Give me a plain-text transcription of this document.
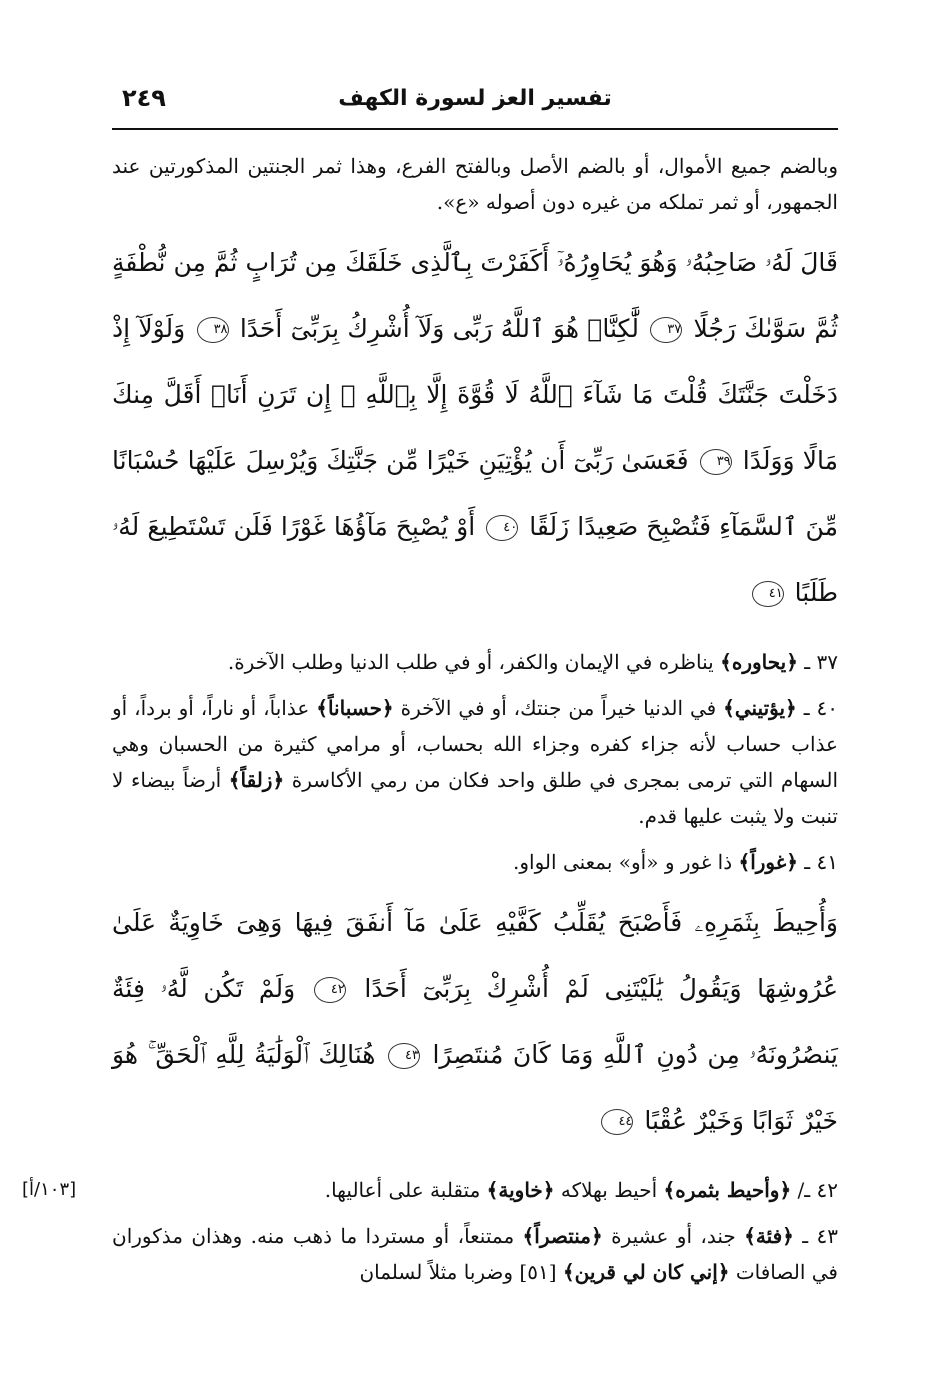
٢٤٩	تفسير العز لسورة الكهف

وبالضم جميع الأموال، أو بالضم الأصل وبالفتح الفرع، وهذا ثمر الجنتين المذكورتين عند الجمهور، أو ثمر تملكه من غيره دون أصوله «ع».

قَالَ لَهُۥ صَاحِبُهُۥ وَهُوَ يُحَاوِرُهُۥٓ أَكَفَرْتَ بِٱلَّذِى خَلَقَكَ مِن تُرَابٍ ثُمَّ مِن نُّطْفَةٍ ثُمَّ سَوَّىٰكَ رَجُلًا ٣٧ لَّٰكِنَّا۠ هُوَ ٱللَّهُ رَبِّى وَلَآ أُشْرِكُ بِرَبِّىٓ أَحَدًا ٣٨ وَلَوْلَآ إِذْ دَخَلْتَ جَنَّتَكَ قُلْتَ مَا شَآءَ ٱللَّهُ لَا قُوَّةَ إِلَّا بِٱللَّهِ ۚ إِن تَرَنِ أَنَا۠ أَقَلَّ مِنكَ مَالًا وَوَلَدًا ٣٩ فَعَسَىٰ رَبِّىٓ أَن يُؤْتِيَنِ خَيْرًا مِّن جَنَّتِكَ وَيُرْسِلَ عَلَيْهَا حُسْبَانًا مِّنَ ٱلسَّمَآءِ فَتُصْبِحَ صَعِيدًا زَلَقًا ٤٠ أَوْ يُصْبِحَ مَآؤُهَا غَوْرًا فَلَن تَسْتَطِيعَ لَهُۥ طَلَبًا ٤١

٣٧ ـ ﴿يحاوره﴾ يناظره في الإيمان والكفر، أو في طلب الدنيا وطلب الآخرة.

٤٠ ـ ﴿يؤتيني﴾ في الدنيا خيراً من جنتك، أو في الآخرة ﴿حسباناً﴾ عذاباً، أو ناراً، أو برداً، أو عذاب حساب لأنه جزاء كفره وجزاء الله بحساب، أو مرامي كثيرة من الحسبان وهي السهام التي ترمى بمجرى في طلق واحد فكان من رمي الأكاسرة ﴿زلقاً﴾ أرضاً بيضاء لا تنبت ولا يثبت عليها قدم.

٤١ ـ ﴿غوراً﴾ ذا غور و «أو» بمعنى الواو.

وَأُحِيطَ بِثَمَرِهِۦ فَأَصْبَحَ يُقَلِّبُ كَفَّيْهِ عَلَىٰ مَآ أَنفَقَ فِيهَا وَهِىَ خَاوِيَةٌ عَلَىٰ عُرُوشِهَا وَيَقُولُ يَٰلَيْتَنِى لَمْ أُشْرِكْ بِرَبِّىٓ أَحَدًا ٤٢ وَلَمْ تَكُن لَّهُۥ فِئَةٌ يَنصُرُونَهُۥ مِن دُونِ ٱللَّهِ وَمَا كَانَ مُنتَصِرًا ٤٣ هُنَالِكَ ٱلْوَلَٰيَةُ لِلَّهِ ٱلْحَقِّ ۚ هُوَ خَيْرٌ ثَوَابًا وَخَيْرٌ عُقْبًا ٤٤

٤٢ ـ/ ﴿وأحيط بثمره﴾ أحيط بهلاكه ﴿خاوية﴾ متقلبة على أعاليها.
[١٠٣/أ]

٤٣ ـ ﴿فئة﴾ جند، أو عشيرة ﴿منتصراً﴾ ممتنعاً، أو مستردا ما ذهب منه. وهذان مذكوران في الصافات ﴿إني كان لي قرين﴾ [٥١] وضربا مثلاً لسلمان
